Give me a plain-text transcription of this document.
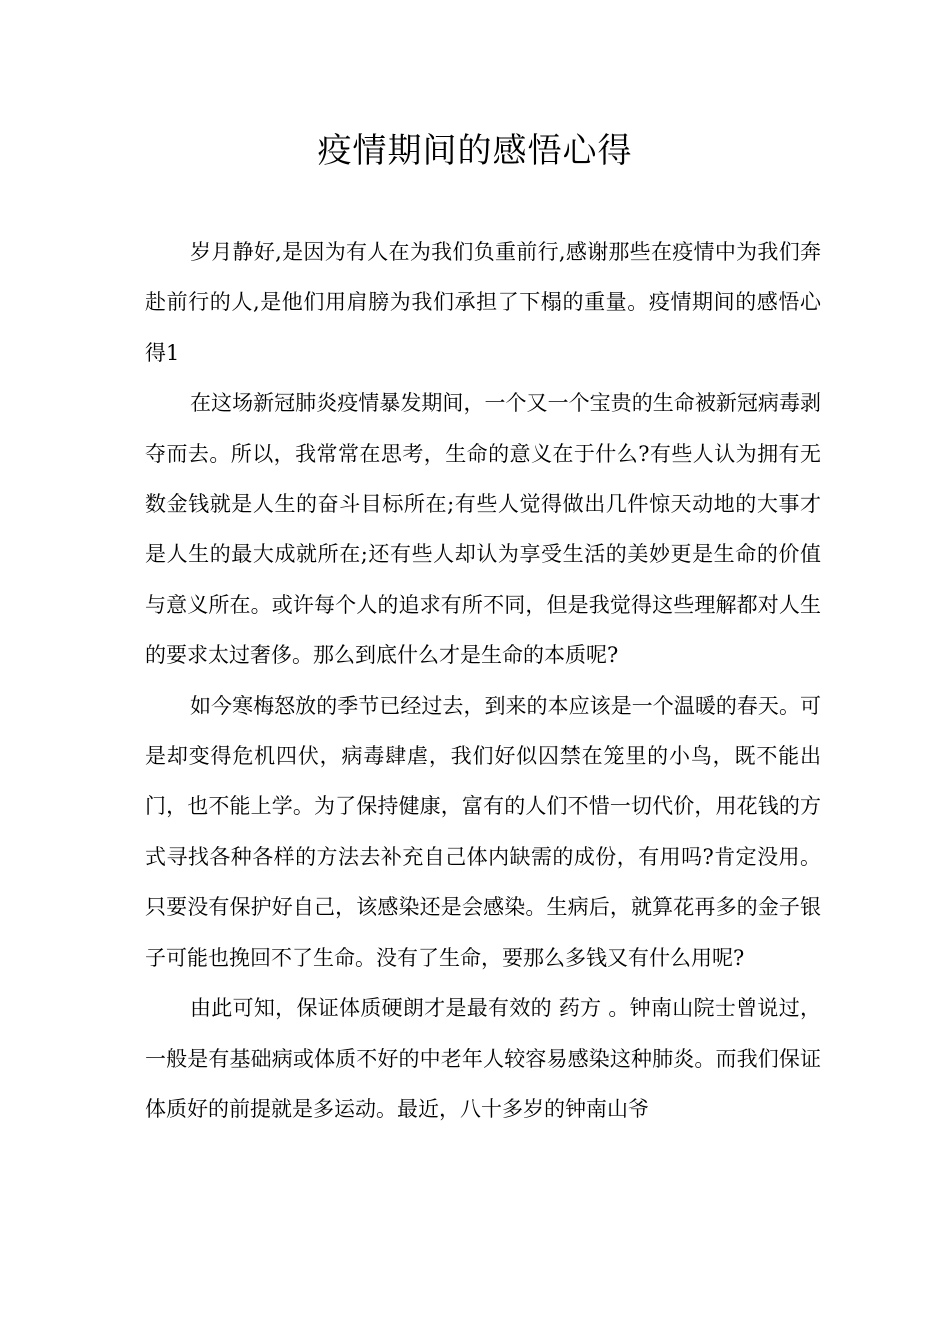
疫情期间的感悟心得

岁月静好,是因为有人在为我们负重前行,感谢那些在疫情中为我们奔赴前行的人,是他们用肩膀为我们承担了下榻的重量。疫情期间的感悟心得1

在这场新冠肺炎疫情暴发期间，一个又一个宝贵的生命被新冠病毒剥夺而去。所以，我常常在思考，生命的意义在于什么?有些人认为拥有无数金钱就是人生的奋斗目标所在;有些人觉得做出几件惊天动地的大事才是人生的最大成就所在;还有些人却认为享受生活的美妙更是生命的价值与意义所在。或许每个人的追求有所不同，但是我觉得这些理解都对人生的要求太过奢侈。那么到底什么才是生命的本质呢?

如今寒梅怒放的季节已经过去，到来的本应该是一个温暖的春天。可是却变得危机四伏，病毒肆虐，我们好似囚禁在笼里的小鸟，既不能出门，也不能上学。为了保持健康，富有的人们不惜一切代价，用花钱的方式寻找各种各样的方法去补充自己体内缺需的成份，有用吗?肯定没用。只要没有保护好自己，该感染还是会感染。生病后，就算花再多的金子银子可能也挽回不了生命。没有了生命，要那么多钱又有什么用呢?

由此可知，保证体质硬朗才是最有效的 药方 。钟南山院士曾说过，一般是有基础病或体质不好的中老年人较容易感染这种肺炎。而我们保证体质好的前提就是多运动。最近，八十多岁的钟南山爷
